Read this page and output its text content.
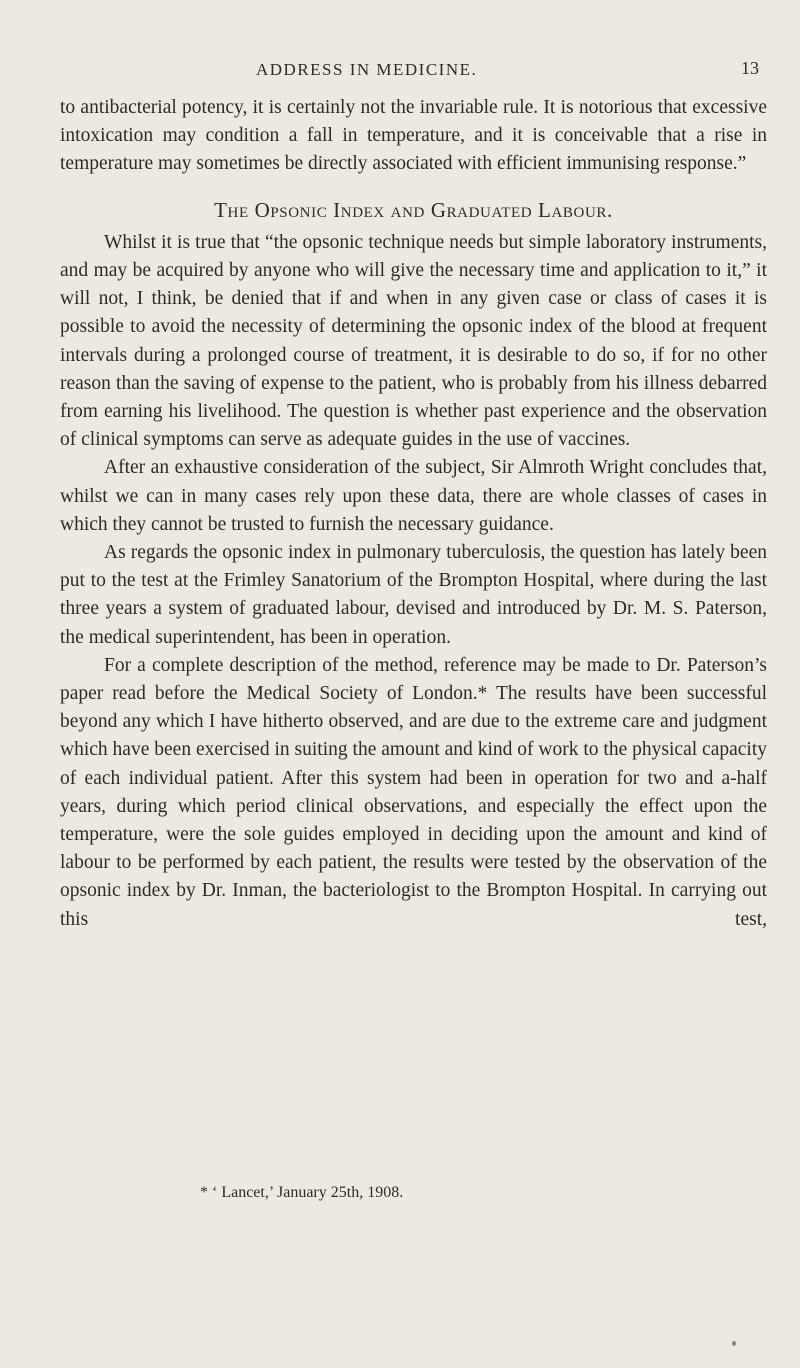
ADDRESS IN MEDICINE.	13

to antibacterial potency, it is certainly not the invariable rule. It is notorious that excessive intoxication may condition a fall in temperature, and it is conceivable that a rise in temperature may sometimes be directly associated with efficient immunising response.”

The Opsonic Index and Graduated Labour.

Whilst it is true that “the opsonic technique needs but simple laboratory instruments, and may be acquired by anyone who will give the necessary time and application to it,” it will not, I think, be denied that if and when in any given case or class of cases it is possible to avoid the necessity of determining the opsonic index of the blood at frequent intervals during a prolonged course of treatment, it is desirable to do so, if for no other reason than the saving of expense to the patient, who is probably from his illness debarred from earning his livelihood. The question is whether past experience and the observation of clinical symptoms can serve as adequate guides in the use of vaccines.

After an exhaustive consideration of the subject, Sir Almroth Wright concludes that, whilst we can in many cases rely upon these data, there are whole classes of cases in which they cannot be trusted to furnish the necessary guidance.

As regards the opsonic index in pulmonary tuberculosis, the question has lately been put to the test at the Frimley Sanatorium of the Brompton Hospital, where during the last three years a system of graduated labour, devised and introduced by Dr. M. S. Paterson, the medical superintendent, has been in operation.

For a complete description of the method, reference may be made to Dr. Paterson’s paper read before the Medical Society of London.* The results have been successful beyond any which I have hitherto observed, and are due to the extreme care and judgment which have been exercised in suiting the amount and kind of work to the physical capacity of each individual patient. After this system had been in operation for two and a-half years, during which period clinical observations, and especially the effect upon the temperature, were the sole guides employed in deciding upon the amount and kind of labour to be performed by each patient, the results were tested by the observation of the opsonic index by Dr. Inman, the bacteriologist to the Brompton Hospital. In carrying out this test,

* ‘ Lancet,’ January 25th, 1908.
